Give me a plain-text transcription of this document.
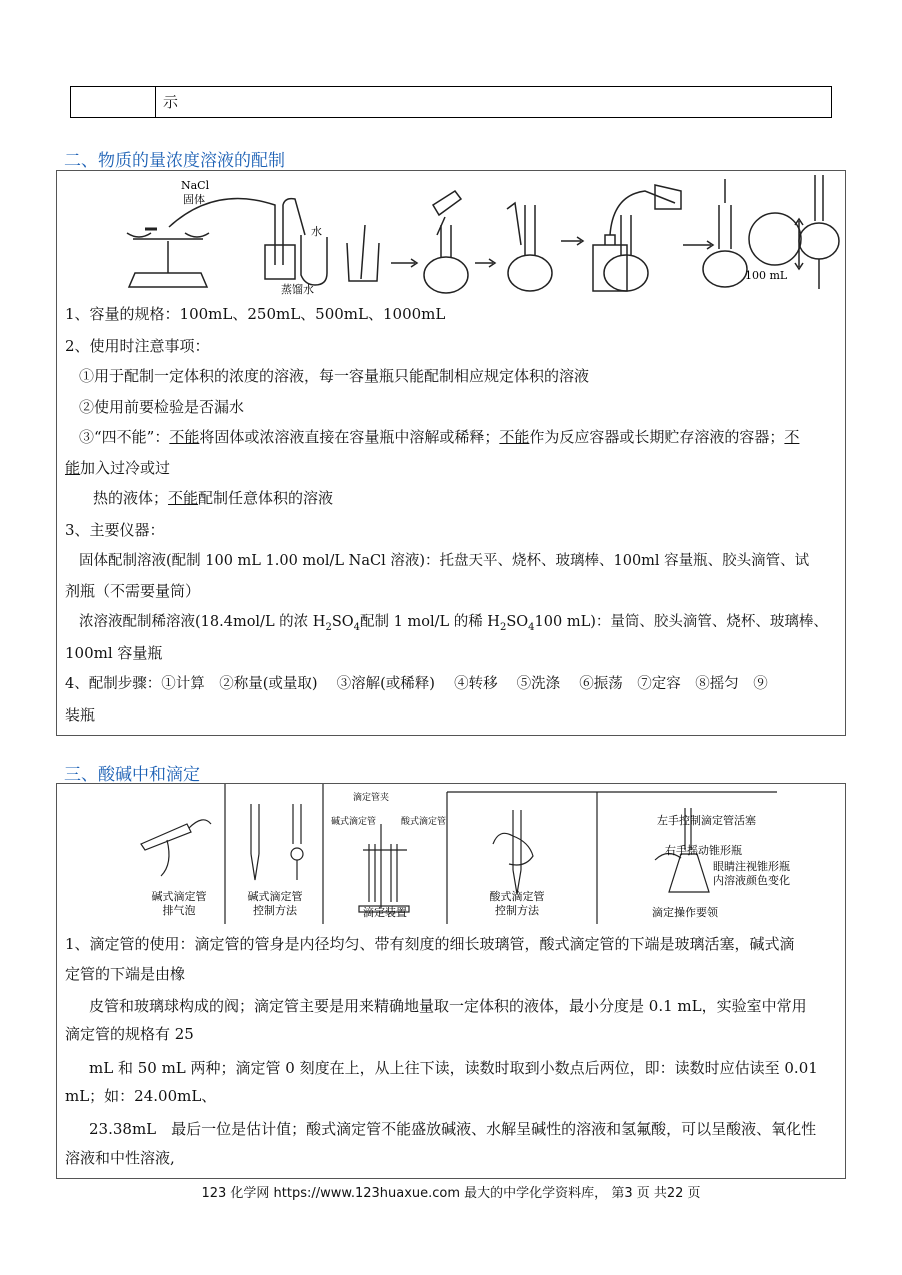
示
二、物质的量浓度溶液的配制
NaCl
固体
水
蒸馏水
100 mL
1、容量的规格：100mL、250mL、500mL、1000mL
2、使用时注意事项：
①用于配制一定体积的浓度的溶液，每一容量瓶只能配制相应规定体积的溶液
②使用前要检验是否漏水
③“四不能”：不能将固体或浓溶液直接在容量瓶中溶解或稀释；不能作为反应容器或长期贮存溶液的容器；不
能加入过冷或过
热的液体；不能配制任意体积的溶液
3、主要仪器：
固体配制溶液(配制 100 mL 1.00 mol/L NaCl 溶液)：托盘天平、烧杯、玻璃棒、100ml 容量瓶、胶头滴管、试
剂瓶（不需要量筒）
浓溶液配制稀溶液(18.4mol/L 的浓 $H_2SO_4$配制 1 mol/L 的稀 $H_2SO_4100$ mL)：量筒、胶头滴管、烧杯、玻璃棒、
100ml 容量瓶
4、配制步骤：①计算　②称量(或量取)　 ③溶解(或稀释)　 ④转移　 ⑤洗涤　 ⑥振荡　⑦定容　⑧摇匀　⑨
装瓶
三、酸碱中和滴定
碱式滴定管
排气泡
碱式滴定管
控制方法
滴定管夹
碱式滴定管	酸式滴定管
滴定装置
酸式滴定管
控制方法
左手控制滴定管活塞
右手摇动锥形瓶
眼睛注视锥形瓶
内溶液颜色变化
滴定操作要领
1、滴定管的使用：滴定管的管身是内径均匀、带有刻度的细长玻璃管，酸式滴定管的下端是玻璃活塞，碱式滴
定管的下端是由橡
皮管和玻璃球构成的阀；滴定管主要是用来精确地量取一定体积的液体，最小分度是 0.1 mL，实验室中常用
滴定管的规格有 25
mL 和 50 mL 两种；滴定管 0 刻度在上，从上往下读，读数时取到小数点后两位，即：读数时应估读至 0.01
mL；如：24.00mL、
23.38mL　最后一位是估计值；酸式滴定管不能盛放碱液、水解呈碱性的溶液和氢氟酸，可以呈酸液、氧化性
溶液和中性溶液,
123 化学网 https://www.123huaxue.com 最大的中学化学资料库， 第3 页 共22 页
